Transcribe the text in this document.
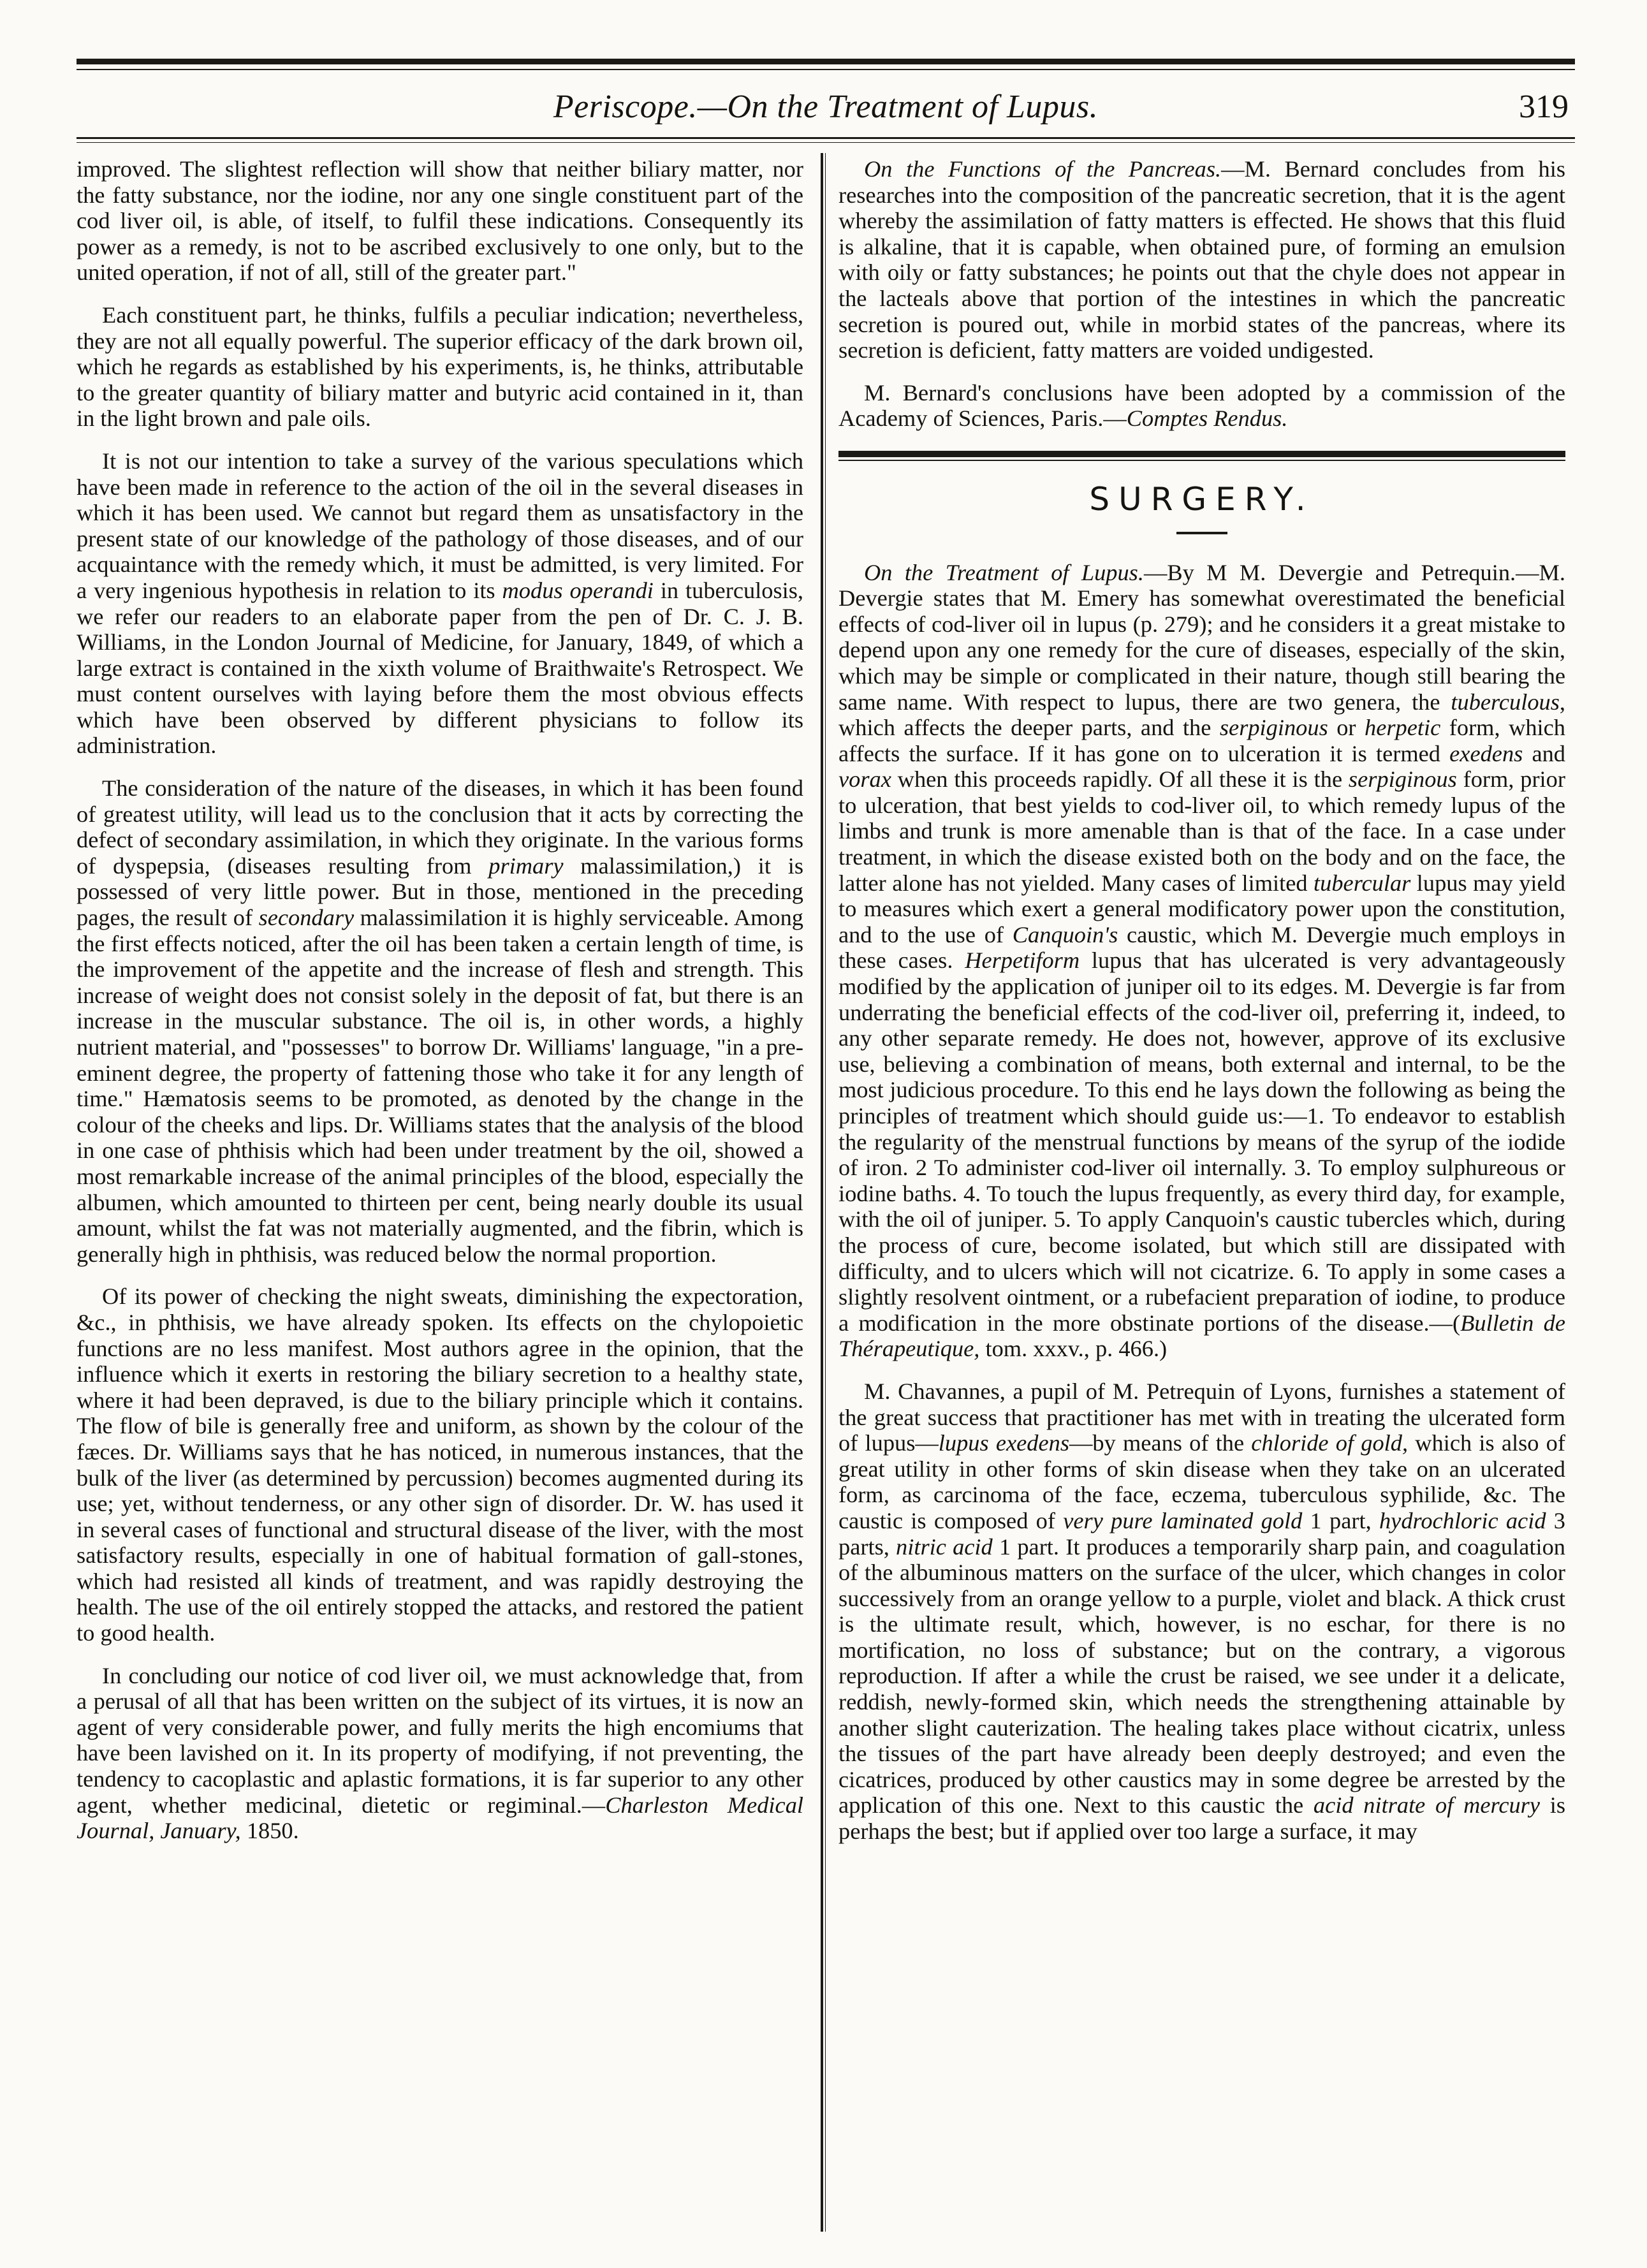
Periscope.—On the Treatment of Lupus.	319

improved. The slightest reflection will show that neither biliary matter, nor the fatty substance, nor the iodine, nor any one single constituent part of the cod liver oil, is able, of itself, to fulfil these indications. Consequently its power as a remedy, is not to be ascribed exclusively to one only, but to the united operation, if not of all, still of the greater part."

Each constituent part, he thinks, fulfils a peculiar indication; nevertheless, they are not all equally powerful. The superior efficacy of the dark brown oil, which he regards as established by his experiments, is, he thinks, attributable to the greater quantity of biliary matter and butyric acid contained in it, than in the light brown and pale oils.

It is not our intention to take a survey of the various speculations which have been made in reference to the action of the oil in the several diseases in which it has been used. We cannot but regard them as unsatisfactory in the present state of our knowledge of the pathology of those diseases, and of our acquaintance with the remedy which, it must be admitted, is very limited. For a very ingenious hypothesis in relation to its modus operandi in tuberculosis, we refer our readers to an elaborate paper from the pen of Dr. C. J. B. Williams, in the London Journal of Medicine, for January, 1849, of which a large extract is contained in the xixth volume of Braithwaite's Retrospect. We must content ourselves with laying before them the most obvious effects which have been observed by different physicians to follow its administration.

The consideration of the nature of the diseases, in which it has been found of greatest utility, will lead us to the conclusion that it acts by correcting the defect of secondary assimilation, in which they originate. In the various forms of dyspepsia, (diseases resulting from primary malassimilation,) it is possessed of very little power. But in those, mentioned in the preceding pages, the result of secondary malassimilation it is highly serviceable. Among the first effects noticed, after the oil has been taken a certain length of time, is the improvement of the appetite and the increase of flesh and strength. This increase of weight does not consist solely in the deposit of fat, but there is an increase in the muscular substance. The oil is, in other words, a highly nutrient material, and "possesses" to borrow Dr. Williams' language, "in a pre-eminent degree, the property of fattening those who take it for any length of time." Hæmatosis seems to be promoted, as denoted by the change in the colour of the cheeks and lips. Dr. Williams states that the analysis of the blood in one case of phthisis which had been under treatment by the oil, showed a most remarkable increase of the animal principles of the blood, especially the albumen, which amounted to thirteen per cent, being nearly double its usual amount, whilst the fat was not materially augmented, and the fibrin, which is generally high in phthisis, was reduced below the normal proportion.

Of its power of checking the night sweats, diminishing the expectoration, &c., in phthisis, we have already spoken. Its effects on the chylopoietic functions are no less manifest. Most authors agree in the opinion, that the influence which it exerts in restoring the biliary secretion to a healthy state, where it had been depraved, is due to the biliary principle which it contains. The flow of bile is generally free and uniform, as shown by the colour of the fæces. Dr. Williams says that he has noticed, in numerous instances, that the bulk of the liver (as determined by percussion) becomes augmented during its use; yet, without tenderness, or any other sign of disorder. Dr. W. has used it in several cases of functional and structural disease of the liver, with the most satisfactory results, especially in one of habitual formation of gall-stones, which had resisted all kinds of treatment, and was rapidly destroying the health. The use of the oil entirely stopped the attacks, and restored the patient to good health.

In concluding our notice of cod liver oil, we must acknowledge that, from a perusal of all that has been written on the subject of its virtues, it is now an agent of very considerable power, and fully merits the high encomiums that have been lavished on it. In its property of modifying, if not preventing, the tendency to cacoplastic and aplastic formations, it is far superior to any other agent, whether medicinal, dietetic or regiminal.—Charleston Medical Journal, January, 1850.

On the Functions of the Pancreas.—M. Bernard concludes from his researches into the composition of the pancreatic secretion, that it is the agent whereby the assimilation of fatty matters is effected. He shows that this fluid is alkaline, that it is capable, when obtained pure, of forming an emulsion with oily or fatty substances; he points out that the chyle does not appear in the lacteals above that portion of the intestines in which the pancreatic secretion is poured out, while in morbid states of the pancreas, where its secretion is deficient, fatty matters are voided undigested.

M. Bernard's conclusions have been adopted by a commission of the Academy of Sciences, Paris.—Comptes Rendus.

SURGERY.

On the Treatment of Lupus.—By M M. Devergie and Petrequin.—M. Devergie states that M. Emery has somewhat overestimated the beneficial effects of cod-liver oil in lupus (p. 279); and he considers it a great mistake to depend upon any one remedy for the cure of diseases, especially of the skin, which may be simple or complicated in their nature, though still bearing the same name. With respect to lupus, there are two genera, the tuberculous, which affects the deeper parts, and the serpiginous or herpetic form, which affects the surface. If it has gone on to ulceration it is termed exedens and vorax when this proceeds rapidly. Of all these it is the serpiginous form, prior to ulceration, that best yields to cod-liver oil, to which remedy lupus of the limbs and trunk is more amenable than is that of the face. In a case under treatment, in which the disease existed both on the body and on the face, the latter alone has not yielded. Many cases of limited tubercular lupus may yield to measures which exert a general modificatory power upon the constitution, and to the use of Canquoin's caustic, which M. Devergie much employs in these cases. Herpetiform lupus that has ulcerated is very advantageously modified by the application of juniper oil to its edges. M. Devergie is far from underrating the beneficial effects of the cod-liver oil, preferring it, indeed, to any other separate remedy. He does not, however, approve of its exclusive use, believing a combination of means, both external and internal, to be the most judicious procedure. To this end he lays down the following as being the principles of treatment which should guide us:—1. To endeavor to establish the regularity of the menstrual functions by means of the syrup of the iodide of iron. 2 To administer cod-liver oil internally. 3. To employ sulphureous or iodine baths. 4. To touch the lupus frequently, as every third day, for example, with the oil of juniper. 5. To apply Canquoin's caustic tubercles which, during the process of cure, become isolated, but which still are dissipated with difficulty, and to ulcers which will not cicatrize. 6. To apply in some cases a slightly resolvent ointment, or a rubefacient preparation of iodine, to produce a modification in the more obstinate portions of the disease.—(Bulletin de Thérapeutique, tom. xxxv., p. 466.)

M. Chavannes, a pupil of M. Petrequin of Lyons, furnishes a statement of the great success that practitioner has met with in treating the ulcerated form of lupus—lupus exedens—by means of the chloride of gold, which is also of great utility in other forms of skin disease when they take on an ulcerated form, as carcinoma of the face, eczema, tuberculous syphilide, &c. The caustic is composed of very pure laminated gold 1 part, hydrochloric acid 3 parts, nitric acid 1 part. It produces a temporarily sharp pain, and coagulation of the albuminous matters on the surface of the ulcer, which changes in color successively from an orange yellow to a purple, violet and black. A thick crust is the ultimate result, which, however, is no eschar, for there is no mortification, no loss of substance; but on the contrary, a vigorous reproduction. If after a while the crust be raised, we see under it a delicate, reddish, newly-formed skin, which needs the strengthening attainable by another slight cauterization. The healing takes place without cicatrix, unless the tissues of the part have already been deeply destroyed; and even the cicatrices, produced by other caustics may in some degree be arrested by the application of this one. Next to this caustic the acid nitrate of mercury is perhaps the best; but if applied over too large a surface, it may
